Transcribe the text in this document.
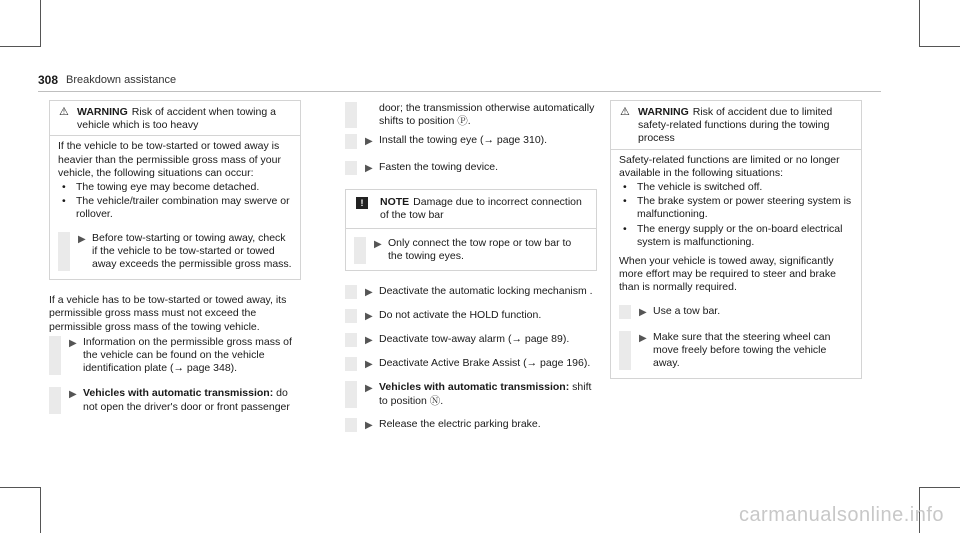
308 Breakdown assistance
⚠ WARNING Risk of accident when towing a vehicle which is too heavy
If the vehicle to be tow-started or towed away is heavier than the permissible gross mass of your vehicle, the following situations can occur:
• The towing eye may become detached.
• The vehicle/trailer combination may swerve or rollover.
▶ Before tow-starting or towing away, check if the vehicle to be tow-started or towed away exceeds the permissible gross mass.
If a vehicle has to be tow-started or towed away, its permissible gross mass must not exceed the permissible gross mass of the towing vehicle.
▶ Information on the permissible gross mass of the vehicle can be found on the vehicle identification plate (→ page 348).
▶ Vehicles with automatic transmission: do not open the driver's door or front passenger
door; the transmission otherwise automatically shifts to position Ⓟ.
▶ Install the towing eye (→ page 310).
▶ Fasten the towing device.
!	NOTE Damage due to incorrect connection of the tow bar
▶ Only connect the tow rope or tow bar to the towing eyes.
▶ Deactivate the automatic locking mechanism .
▶ Do not activate the HOLD function.
▶ Deactivate tow-away alarm (→ page 89).
▶ Deactivate Active Brake Assist (→ page 196).
▶ Vehicles with automatic transmission: shift to position Ⓝ.
▶ Release the electric parking brake.
⚠ WARNING Risk of accident due to limited safety-related functions during the towing process
Safety-related functions are limited or no longer available in the following situations:
• The vehicle is switched off.
• The brake system or power steering system is malfunctioning.
• The energy supply or the on-board electrical system is malfunctioning.
When your vehicle is towed away, significantly more effort may be required to steer and brake than is normally required.
▶ Use a tow bar.
▶ Make sure that the steering wheel can move freely before towing the vehicle away.
carmanualsonline.info
